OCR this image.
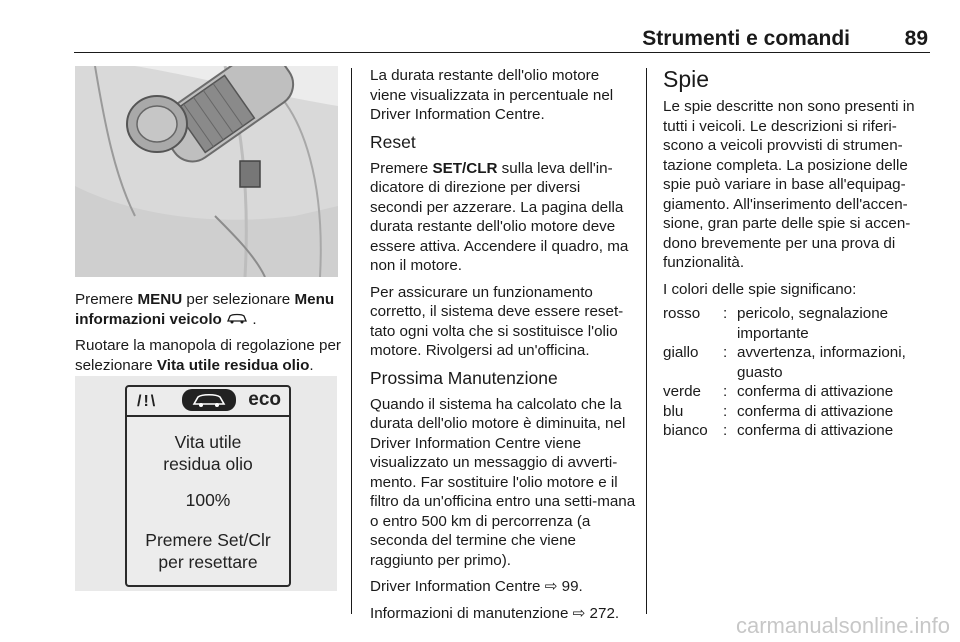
Strumenti e comandi	89

Premere MENU per selezionare Menu informazioni veicolo .

Ruotare la manopola di regolazione per selezionare Vita utile residua olio.

/!\	eco
Vita utile
residua olio
100%
Premere Set/Clr
per resettare

La durata restante dell'olio motore viene visualizzata in percentuale nel Driver Information Centre.

Reset

Premere SET/CLR sulla leva dell'in-dicatore di direzione per diversi secondi per azzerare. La pagina della durata restante dell'olio motore deve essere attiva. Accendere il quadro, ma non il motore.

Per assicurare un funzionamento corretto, il sistema deve essere reset-tato ogni volta che si sostituisce l'olio motore. Rivolgersi ad un'officina.

Prossima Manutenzione

Quando il sistema ha calcolato che la durata dell'olio motore è diminuita, nel Driver Information Centre viene visualizzato un messaggio di avverti-mento. Far sostituire l'olio motore e il filtro da un'officina entro una setti-mana o entro 500 km di percorrenza (a seconda del termine che viene raggiunto per primo).

Driver Information Centre ⇨ 99.

Informazioni di manutenzione ⇨ 272.

Spie

Le spie descritte non sono presenti in tutti i veicoli. Le descrizioni si riferi-scono a veicoli provvisti di strumen-tazione completa. La posizione delle spie può variare in base all'equipag-giamento. All'inserimento dell'accen-sione, gran parte delle spie si accen-dono brevemente per una prova di funzionalità.

I colori delle spie significano:

rosso	:	pericolo, segnalazione importante
giallo	:	avvertenza, informazioni, guasto
verde	:	conferma di attivazione
blu	:	conferma di attivazione
bianco	:	conferma di attivazione
carmanualsonline.info
